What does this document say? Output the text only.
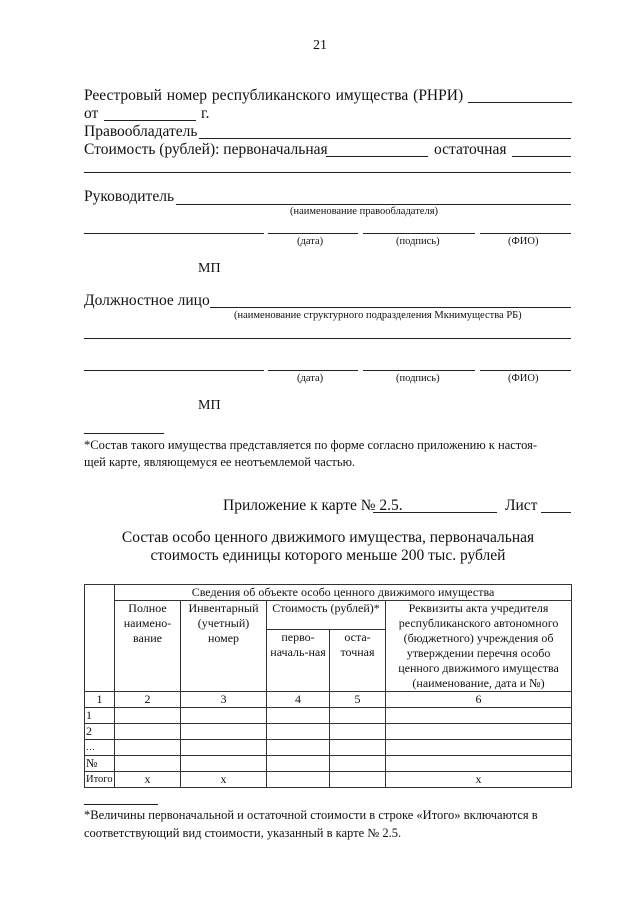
21
Реестровый номер республиканского имущества (РНРИ)
от	г.
Правообладатель
Стоимость (рублей): первоначальная	остаточная
Руководитель
(наименование правообладателя)
(дата)	(подпись)	(ФИО)
МП
Должностное лицо
(наименование структурного подразделения Мкнимущества РБ)
(дата)	(подпись)	(ФИО)
МП
*Состав такого имущества представляется по форме согласно приложению к настоя-
щей карте, являющемуся ее неотъемлемой частью.
Приложение к карте № 2.5.	Лист
Состав особо ценного движимого имущества, первоначальная
стоимость единицы которого меньше 200 тыс. рублей
	Сведения об объекте особо ценного движимого имущества				
	Полное наимено-вание	Инвентарный (учетный) номер	Стоимость (рублей)*		Реквизиты акта учредителя республиканского автономного (бюджетного) учреждения об утверждении перечня особо ценного движимого имущества (наименование, дата и №)
			перво-началь-ная	оста-точная	
1	2	3	4	5	6
1					
2					
…					
№					
Итого	x	x			x
*Величины первоначальной и остаточной стоимости в строке «Итого» включаются в
соответствующий вид стоимости, указанный в карте № 2.5.
